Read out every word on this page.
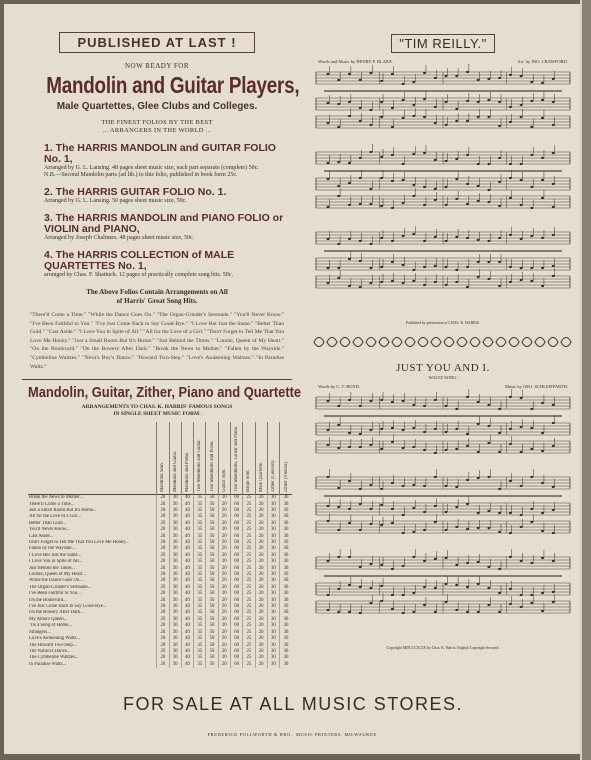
PUBLISHED AT LAST !
NOW READY FOR
Mandolin and Guitar Players,
Male Quartettes, Glee Clubs and Colleges.
THE FINEST FOLIOS BY THE BEST
... ARRANGERS IN THE WORLD ...
1. The HARRIS MANDOLIN and GUITAR FOLIO No. 1,
Arranged by G. L. Lansing. 48 pages sheet music size, each part separate (complete) 50c.
N.B.—Second Mandolin parts (ad lib.) to this folio, published in book form 25c.
2. The HARRIS GUITAR FOLIO No. 1.
Arranged by G. L. Lansing. 50 pages sheet music size, 50c.
3. The HARRIS MANDOLIN and PIANO FOLIO or VIOLIN and PIANO,
Arranged by Joseph Chalmers. 48 pages sheet music size, 50c.
4. The HARRIS COLLECTION of MALE QUARTETTES No. 1,
arranged by Chas. F. Shattuck. 12 pages of practically complete song hits. 50c.
The Above Folios Contain Arrangements on All
of Harris' Great Song Hits.
"There'll Come a Time." "While the Dance Goes On." "The Organ-Grinder's Serenade." "You'll Never Know." "I've Been Faithful to You." "I've Just Come Back to Say Good-Bye." "I Love Her Just the Same." "Better Than Gold." "Cast Aside." "I Love You in Spite of All." "All for the Love of a Girl." "Don't Forget to Tell Me That You Love Me Honey." "Just a Small Room But It's Home." "Just Behind the Times." "Lonnie, Queen of My Heart." "On the Boulevard." "On the Bowery After Dark." "Break the News to Mother." "Fallen by the Wayside." "Cymbeline Waltzes." "Neva's Boy's Dance." "Howard Two-Step." "Love's Awakening Waltzes." "In Paradise Waltz."
Mandolin, Guitar, Zither, Piano and Quartette
ARRANGEMENTS TO CHAS. K. HARRIS' FAMOUS SONGS
IN SINGLE SHEET MUSIC FORM.
	Mandolin Solo.	Mandolin and Guitar.	Mandolin and Piano.	Two Mandolins and Guitar.	Two Mandolins and Piano.	Guitar Solo.	Two Mandolins, Guitar and Piano.	Banjo Solo.	Male Quartette.	Zither (Concert).	Zither (Vienna).
Break the News to Mother...	20	30	40	35	50	20	60	25	20	30	30
There'll Come a Time...	20	30	40	35	50	20	60	25	20	30	30
Just a Small Room But It's Home...	20	30	40	35	50	20	60	25	20	30	30
All for the Love of a Girl...	20	30	40	35	50	20	60	25	20	30	30
Better Than Gold...	20	30	40	35	50	20	60	25	20	30	30
You'll Never Know...	20	30	40	35	50	20	60	25	20	30	30
Cast Aside...	20	30	40	35	50	20	60	25	20	30	30
Don't Forget to Tell Me That You Love Me Honey...	20	30	40	35	50	20	60	25	20	30	30
Fallen by the Wayside...	20	30	40	35	50	20	60	25	20	30	30
I Love Her Just the Same...	20	30	40	35	50	20	60	25	20	30	30
I Love You in Spite of All...	20	30	40	35	50	20	60	25	20	30	30
Just Behind the Times...	20	30	40	35	50	20	60	25	20	30	30
Lonnie, Queen of My Heart...	20	30	40	35	50	20	60	25	20	30	30
While the Dance Goes On...	20	30	40	35	50	20	60	25	20	30	30
The Organ-Grinder's Serenade...	20	30	40	35	50	20	60	25	20	30	30
I've Been Faithful to You...	20	30	40	35	50	20	60	25	20	30	30
On the Boulevard...	20	30	40	35	50	20	60	25	20	30	30
I've Just Come Back to Say Good-Bye...	20	30	40	35	50	20	60	25	20	30	30
On the Bowery After Dark...	20	30	40	35	50	20	60	25	20	30	30
My Alma's Queen...	20	30	40	35	50	20	60	25	20	30	30
'Tis a Song of Home...	20	30	40	35	50	20	60	25	20	30	30
Strangers...	20	30	40	35	50	20	60	25	20	30	30
Love's Awakening Waltz...	20	30	40	35	50	20	60	25	20	30	30
The Howard Two-Step...	20	30	40	35	50	20	60	25	20	30	30
The Nation's Dance...	20	30	40	35	50	20	60	25	20	30	30
The Cymbeline Waltzes...	20	30	40	35	50	20	60	25	20	30	30
In Paradise Waltz...	20	30	40	35	50	20	60	25	20	30	30
"TIM REILLY."
Words and Music by HENRY F. BLAKE.	Arr. by JNO. CRAWFORD.
Published by permission of CHAS. K. HARRIS.
JUST YOU AND I.
WALTZ SONG.
Words by C. T. BOYD.	Music by GEO. SCHLEIFFARTH.
Copyright MDCCCXCIX by Chas. K. Harris. English Copyright Secured.
FOR SALE AT ALL MUSIC STORES.
FREDERICK POLLWORTH & BRO., MUSIC PRINTERS, MILWAUKEE.
